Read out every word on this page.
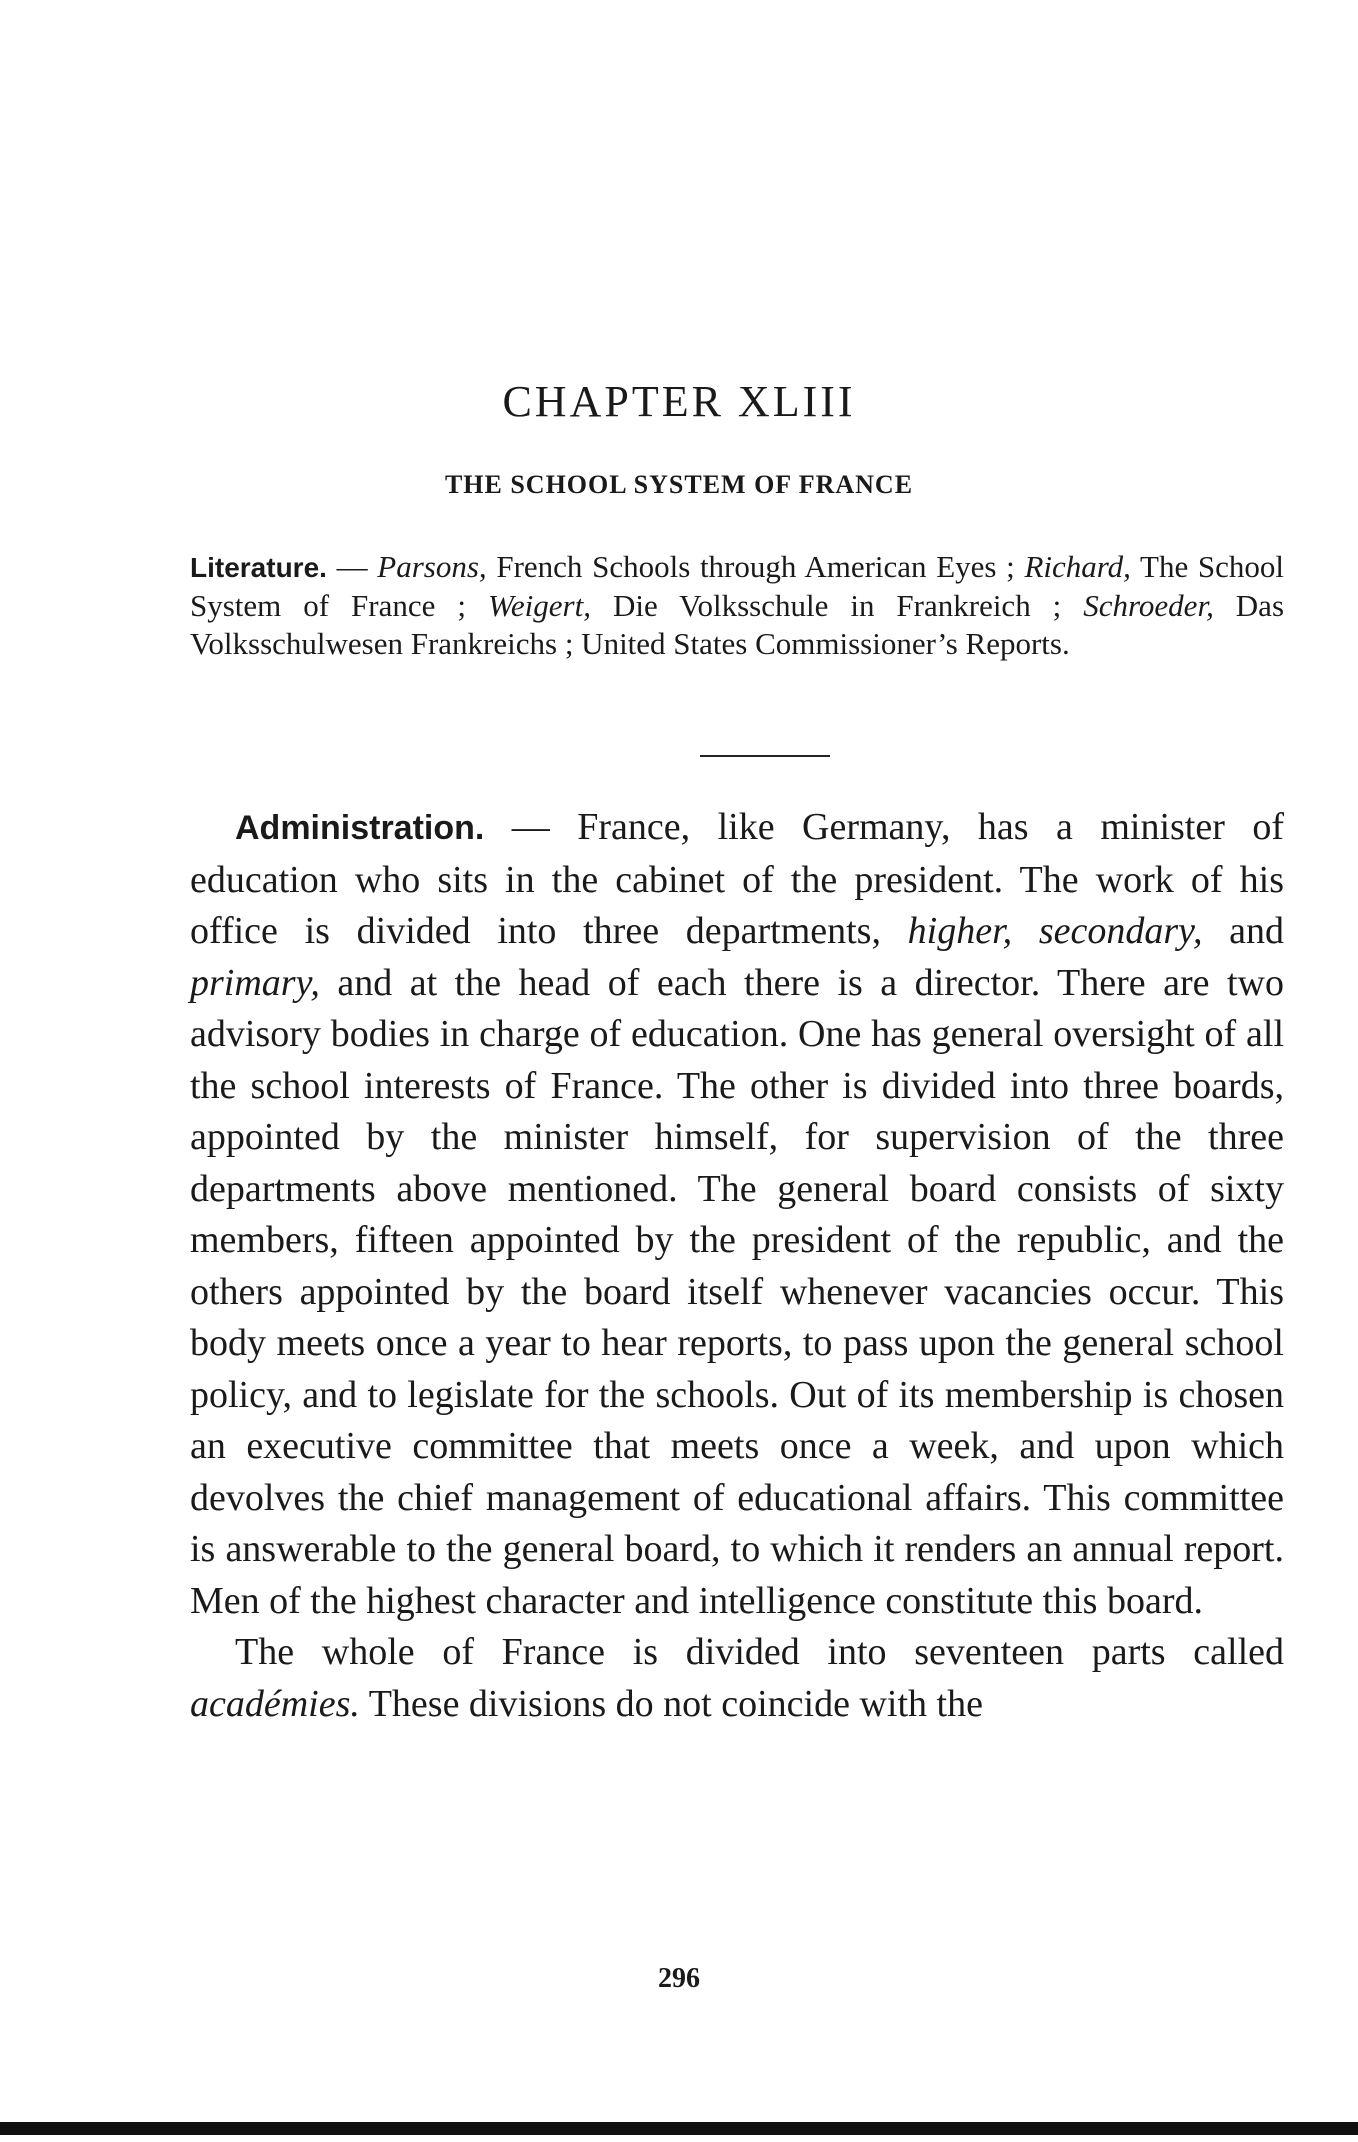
CHAPTER XLIII
THE SCHOOL SYSTEM OF FRANCE

Literature. — Parsons, French Schools through American Eyes ; Richard, The School System of France ; Weigert, Die Volksschule in Frankreich ; Schroeder, Das Volksschulwesen Frankreichs ; United States Commissioner’s Reports.

Administration. — France, like Germany, has a minister of education who sits in the cabinet of the president. The work of his office is divided into three departments, higher, secondary, and primary, and at the head of each there is a director. There are two advisory bodies in charge of education. One has general oversight of all the school interests of France. The other is divided into three boards, appointed by the minister himself, for supervision of the three departments above mentioned. The general board consists of sixty members, fifteen appointed by the president of the republic, and the others appointed by the board itself whenever vacancies occur. This body meets once a year to hear reports, to pass upon the general school policy, and to legislate for the schools. Out of its membership is chosen an executive committee that meets once a week, and upon which devolves the chief management of educational affairs. This committee is answerable to the general board, to which it renders an annual report. Men of the highest character and intelligence constitute this board.

The whole of France is divided into seventeen parts called académies. These divisions do not coincide with the

296
